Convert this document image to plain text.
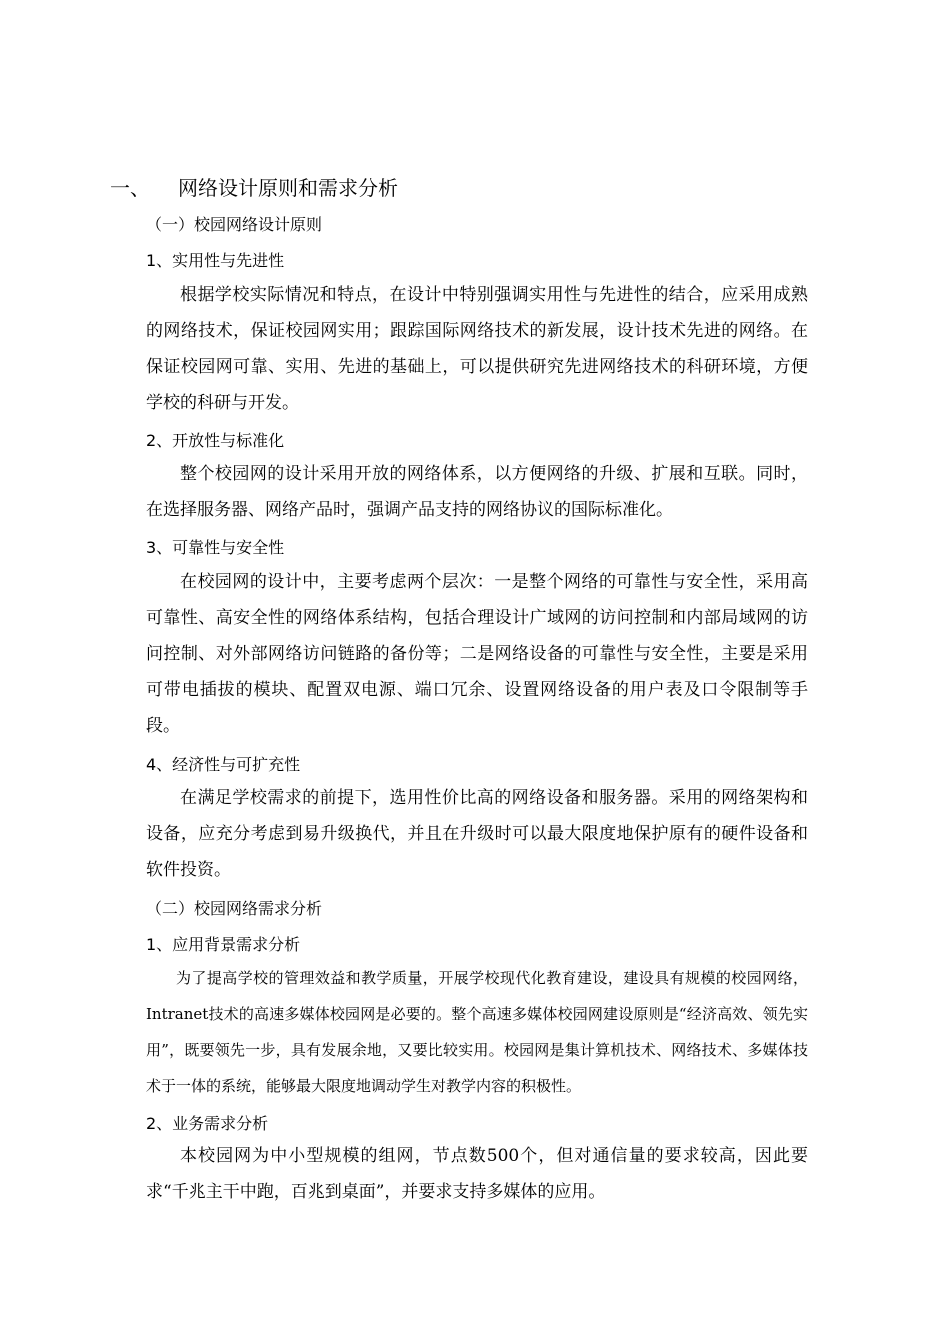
一、 网络设计原则和需求分析
（一）校园网络设计原则
1、实用性与先进性

根据学校实际情况和特点，在设计中特别强调实用性与先进性的结合，应采用成熟的网络技术，保证校园网实用；跟踪国际网络技术的新发展，设计技术先进的网络。在保证校园网可靠、实用、先进的基础上，可以提供研究先进网络技术的科研环境，方便学校的科研与开发。

2、开放性与标准化

整个校园网的设计采用开放的网络体系，以方便网络的升级、扩展和互联。同时，在选择服务器、网络产品时，强调产品支持的网络协议的国际标准化。

3、可靠性与安全性

在校园网的设计中，主要考虑两个层次：一是整个网络的可靠性与安全性，采用高可靠性、高安全性的网络体系结构，包括合理设计广域网的访问控制和内部局域网的访问控制、对外部网络访问链路的备份等；二是网络设备的可靠性与安全性，主要是采用可带电插拔的模块、配置双电源、端口冗余、设置网络设备的用户表及口令限制等手段。

4、经济性与可扩充性

在满足学校需求的前提下，选用性价比高的网络设备和服务器。采用的网络架构和设备，应充分考虑到易升级换代，并且在升级时可以最大限度地保护原有的硬件设备和软件投资。

（二）校园网络需求分析
1、应用背景需求分析

为了提高学校的管理效益和教学质量，开展学校现代化教育建设，建设具有规模的校园网络，Intranet技术的高速多媒体校园网是必要的。整个高速多媒体校园网建设原则是“经济高效、领先实用”，既要领先一步，具有发展余地，又要比较实用。校园网是集计算机技术、网络技术、多媒体技术于一体的系统，能够最大限度地调动学生对教学内容的积极性。

2、业务需求分析

本校园网为中小型规模的组网，节点数500个，但对通信量的要求较高，因此要求“千兆主干中跑，百兆到桌面”，并要求支持多媒体的应用。
